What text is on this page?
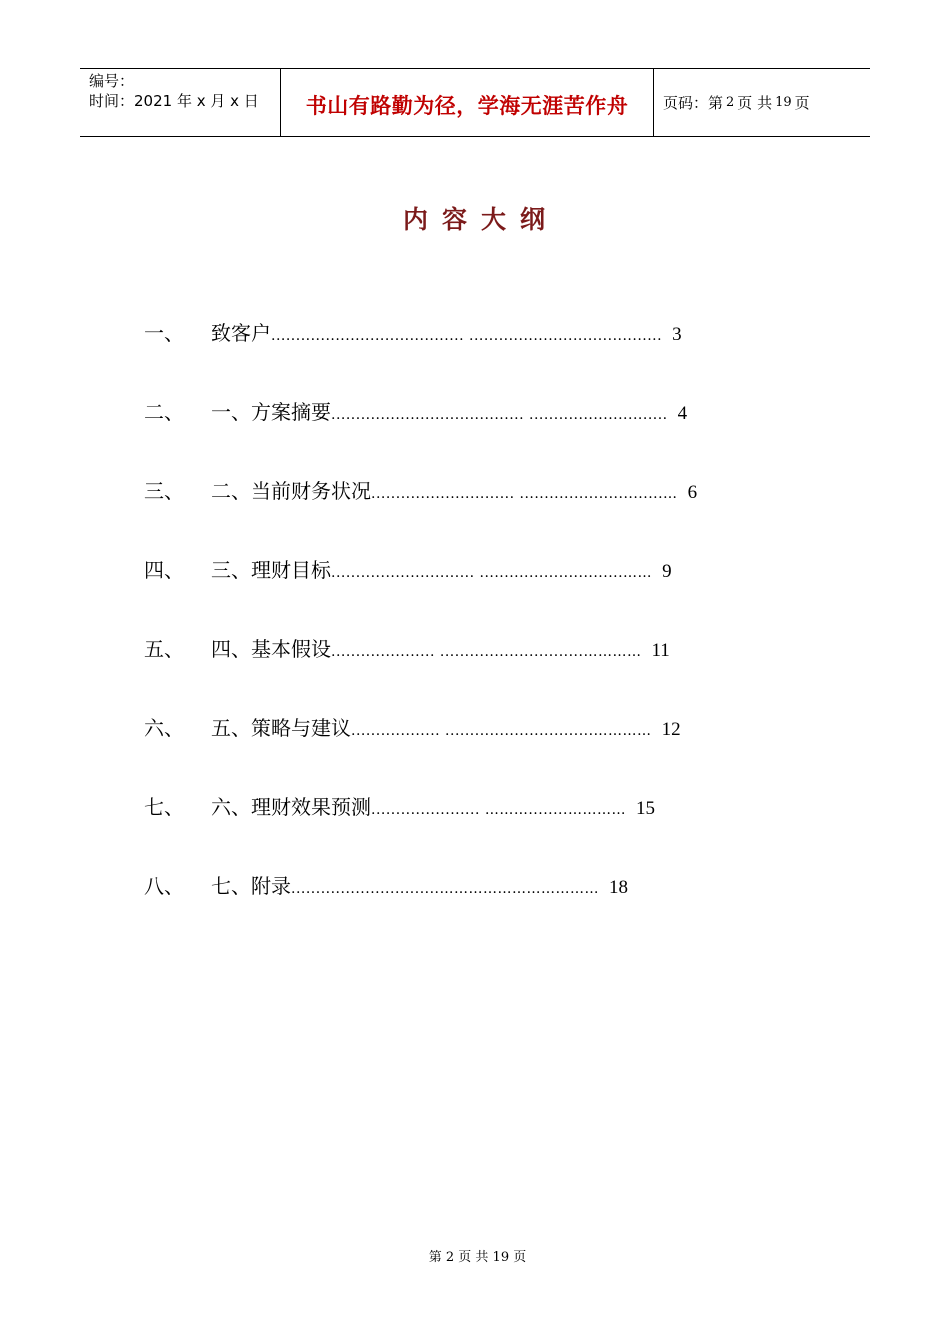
编号：
时间：2021 年 x 月 x 日	书山有路勤为径，学海无涯苦作舟 页码：第 2 页 共 19 页
内容大纲
一、 致客户....................................... ....................................... 3
二、 一、方案摘要....................................... ............................ 4
三、 二、当前财务状况............................. .............................… 6
四、 三、理财目标............................. .............................…… 9
五、 四、基本假设..................... .............................………… 11
六、 五、策略与建议.................. ..............................………… 12
七、 六、理财效果预测...................... ………........………… 15
八、 七、附录..............................…………………………… 18
第 2 页 共 19 页
